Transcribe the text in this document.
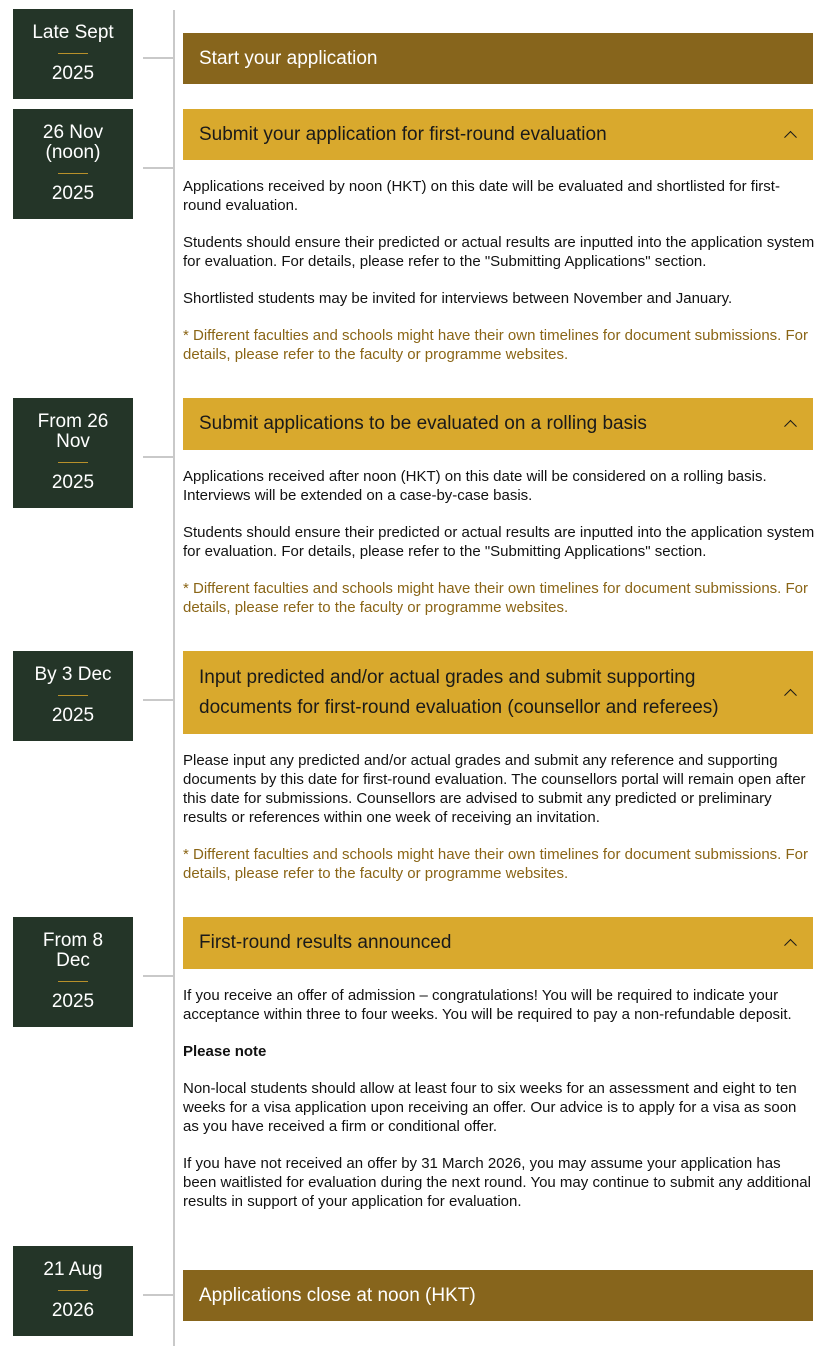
Late Sept
2025
Start your application
26 Nov
(noon)
2025
Submit your application for first-round evaluation

Applications received by noon (HKT) on this date will be evaluated and shortlisted for first-round evaluation.

Students should ensure their predicted or actual results are inputted into the application system for evaluation. For details, please refer to the "Submitting Applications" section.

Shortlisted students may be invited for interviews between November and January.

* Different faculties and schools might have their own timelines for document submissions. For details, please refer to the faculty or programme websites.

From 26
Nov
2025
Submit applications to be evaluated on a rolling basis

Applications received after noon (HKT) on this date will be considered on a rolling basis. Interviews will be extended on a case-by-case basis.

Students should ensure their predicted or actual results are inputted into the application system for evaluation. For details, please refer to the "Submitting Applications" section.

* Different faculties and schools might have their own timelines for document submissions. For details, please refer to the faculty or programme websites.

By 3 Dec
2025
Input predicted and/or actual grades and submit supporting documents for first-round evaluation (counsellor and referees)

Please input any predicted and/or actual grades and submit any reference and supporting documents by this date for first-round evaluation. The counsellors portal will remain open after this date for submissions. Counsellors are advised to submit any predicted or preliminary results or references within one week of receiving an invitation.

* Different faculties and schools might have their own timelines for document submissions. For details, please refer to the faculty or programme websites.

From 8
Dec
2025
First-round results announced

If you receive an offer of admission – congratulations! You will be required to indicate your acceptance within three to four weeks. You will be required to pay a non-refundable deposit.

Please note

Non-local students should allow at least four to six weeks for an assessment and eight to ten weeks for a visa application upon receiving an offer. Our advice is to apply for a visa as soon as you have received a firm or conditional offer.

If you have not received an offer by 31 March 2026, you may assume your application has been waitlisted for evaluation during the next round. You may continue to submit any additional results in support of your application for evaluation.

21 Aug
2026
Applications close at noon (HKT)
